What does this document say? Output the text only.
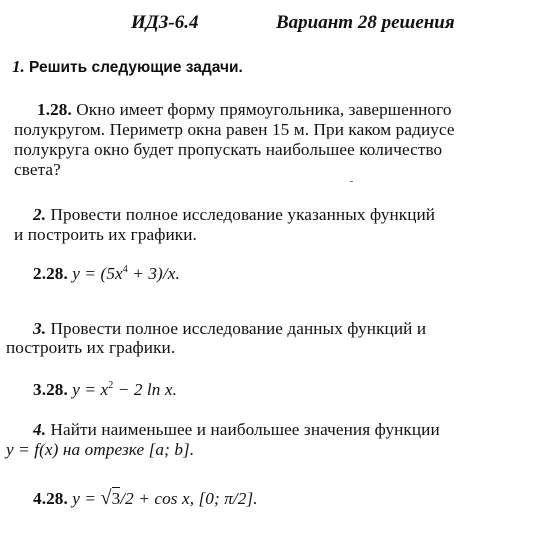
ИДЗ-6.4	Вариант 28 решения
1. Решить следующие задачи.
1.28. Окно имеет форму прямоугольника, завершенного
полукругом. Периметр окна равен 15 м. При каком радиусе
полукруга окно будет пропускать наибольшее количество
света?
2. Провести полное исследование указанных функций
и построить их графики.
2.28. $y = (5x^4 + 3)/x$.
3. Провести полное исследование данных функций и
построить их графики.
3.28. $y = x^2 - 2$ ln x.
4. Найти наименьшее и наибольшее значения функции
y = f(x) на отрезке [a; b].
4.28. y = √3/2 + cos x, [0; π/2].
